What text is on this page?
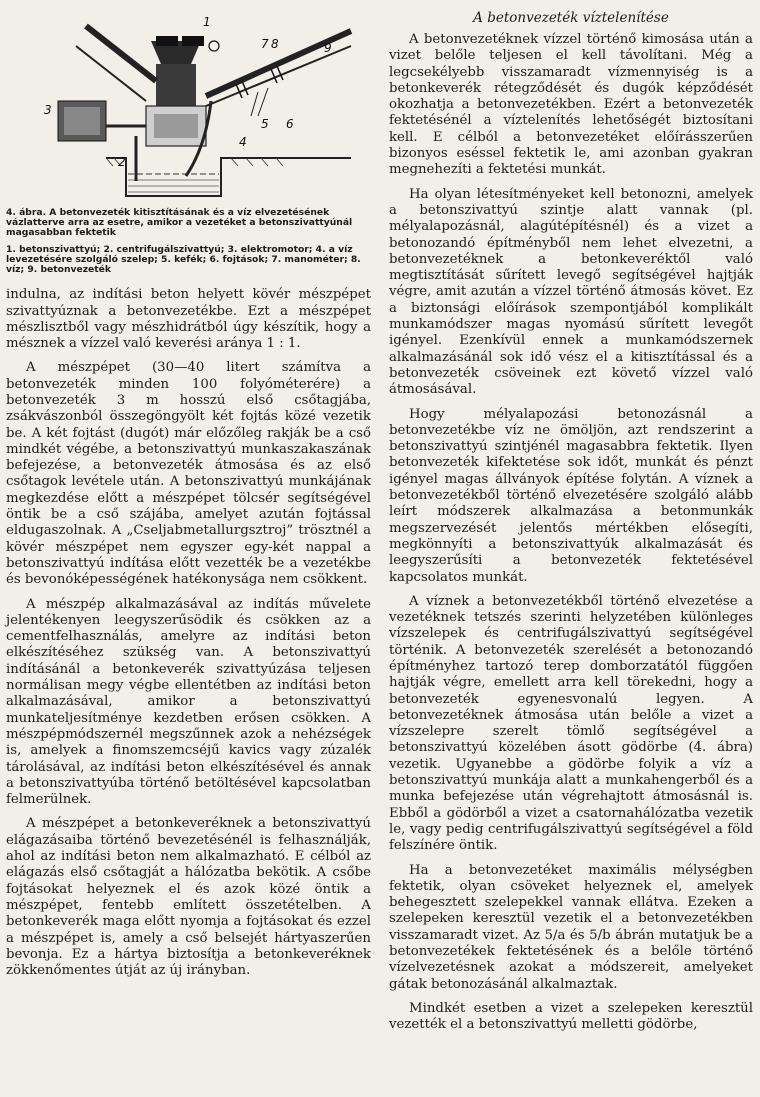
1
2
3
4
5 6
7 8	9
4. ábra. A betonvezeték kitisztításának és a víz elvezetésének vázlatterve arra az esetre, amikor a vezetéket a betonszivattyúnál magasabban fektetik
1. betonszivattyú; 2. centrifugálszivattyú; 3. elektromotor; 4. a víz levezetésére szolgáló szelep; 5. kefék; 6. fojtások; 7. manométer; 8. víz; 9. betonvezeték

indulna, az indítási beton helyett kövér mészpépet szivattyúznak a betonvezetékbe. Ezt a mészpépet mészlisztből vagy mészhidrátból úgy készítik, hogy a mésznek a vízzel való keverési aránya 1 : 1.

A mészpépet (30—40 litert számítva a betonvezeték minden 100 folyóméterére) a betonvezeték 3 m hosszú első csőtagjába, zsákvászonból összegöngyölt két fojtás közé vezetik be. A két fojtást (dugót) már előzőleg rakják be a cső mindkét végébe, a betonszivattyú munkaszakaszának befejezése, a betonvezeték átmosása és az első csőtagok levétele után. A betonszivattyú munkájának megkezdése előtt a mészpépet tölcsér segítségével öntik be a cső szájába, amelyet azután fojtással eldugaszolnak. A „Cseljabmetallurgsztroj” trösztnél a kövér mészpépet nem egyszer egy-két nappal a betonszivattyú indítása előtt vezették be a vezetékbe és bevonóképességének hatékonysága nem csökkent.

A mészpép alkalmazásával az indítás művelete jelentékenyen leegyszerűsödik és csökken az a cementfelhasználás, amelyre az indítási beton elkészítéséhez szükség van. A betonszivattyú indításánál a betonkeverék szivattyúzása teljesen normálisan megy végbe ellentétben az indítási beton alkalmazásával, amikor a betonszivattyú munkateljesítménye kezdetben erősen csökken. A mészpépmódszernél megszűnnek azok a nehézségek is, amelyek a finomszemcséjű kavics vagy zúzalék tárolásával, az indítási beton elkészítésével és annak a betonszivattyúba történő betöltésével kapcsolatban felmerülnek.

A mészpépet a betonkeveréknek a betonszivattyú elágazásaiba történő bevezetésénél is felhasználják, ahol az indítási beton nem alkalmazható. E célból az elágazás első csőtagját a hálózatba bekötik. A csőbe fojtásokat helyeznek el és azok közé öntik a mészpépet, fentebb említett összetételben. A betonkeverék maga előtt nyomja a fojtásokat és ezzel a mészpépet is, amely a cső belsejét hártyaszerűen bevonja. Ez a hártya biztosítja a betonkeveréknek zökkenőmentes útját az új irányban.

A betonvezeték víztelenítése

A betonvezetéknek vízzel történő kimosása után a vizet belőle teljesen el kell távolítani. Még a legcsekélyebb visszamaradt vízmennyiség is a betonkeverék rétegződését és dugók képződését okozhatja a betonvezetékben. Ezért a betonvezeték fektetésénél a víztelenítés lehetőségét biztosítani kell. E célból a betonvezetéket előírásszerűen bizonyos eséssel fektetik le, ami azonban gyakran megnehezíti a fektetési munkát.

Ha olyan létesítményeket kell betonozni, amelyek a betonszivattyú szintje alatt vannak (pl. mélyalapozásnál, alagútépítésnél) és a vizet a betonozandó építményből nem lehet elvezetni, a betonvezetéknek a betonkeveréktől való megtisztítását sűrített levegő segítségével hajtják végre, amit azután a vízzel történő átmosás követ. Ez a biztonsági előírások szempontjából komplikált munkamódszer magas nyomású sűrített levegőt igényel. Ezenkívül ennek a munkamódszernek alkalmazásánál sok idő vész el a kitisztítással és a betonvezeték csöveinek ezt követő vízzel való átmosásával.

Hogy mélyalapozási betonozásnál a betonvezetékbe víz ne ömöljön, azt rendszerint a betonszivattyú szintjénél magasabbra fektetik. Ilyen betonvezeték kifektetése sok időt, munkát és pénzt igényel magas állványok építése folytán. A víznek a betonvezetékből történő elvezetésére szolgáló alább leírt módszerek alkalmazása a betonmunkák megszervezését jelentős mértékben elősegíti, megkönnyíti a betonszivattyúk alkalmazását és leegyszerűsíti a betonvezeték fektetésével kapcsolatos munkát.

A víznek a betonvezetékből történő elvezetése a vezetéknek tetszés szerinti helyzetében különleges vízszelepek és centrifugálszivattyú segítségével történik. A betonvezeték szerelését a betonozandó építményhez tartozó terep domborzatától függően hajtják végre, emellett arra kell törekedni, hogy a betonvezeték egyenesvonalú legyen. A betonvezetéknek átmosása után belőle a vizet a vízszelepre szerelt tömlő segítségével a betonszivattyú közelében ásott gödörbe (4. ábra) vezetik. Ugyanebbe a gödörbe folyik a víz a betonszivattyú munkája alatt a munkahengerből és a munka befejezése után végrehajtott átmosásnál is. Ebből a gödörből a vizet a csatornahálózatba vezetik le, vagy pedig centrifugálszivattyú segítségével a föld felszínére öntik.

Ha a betonvezetéket maximális mélységben fektetik, olyan csöveket helyeznek el, amelyek behegesztett szelepekkel vannak ellátva. Ezeken a szelepeken keresztül vezetik el a betonvezetékben visszamaradt vizet. Az 5/a és 5/b ábrán mutatjuk be a betonvezetékek fektetésének és a belőle történő vízelvezetésnek azokat a módszereit, amelyeket gátak betonozásánál alkalmaztak.

Mindkét esetben a vizet a szelepeken keresztül vezették el a betonszivattyú melletti gödörbe,
